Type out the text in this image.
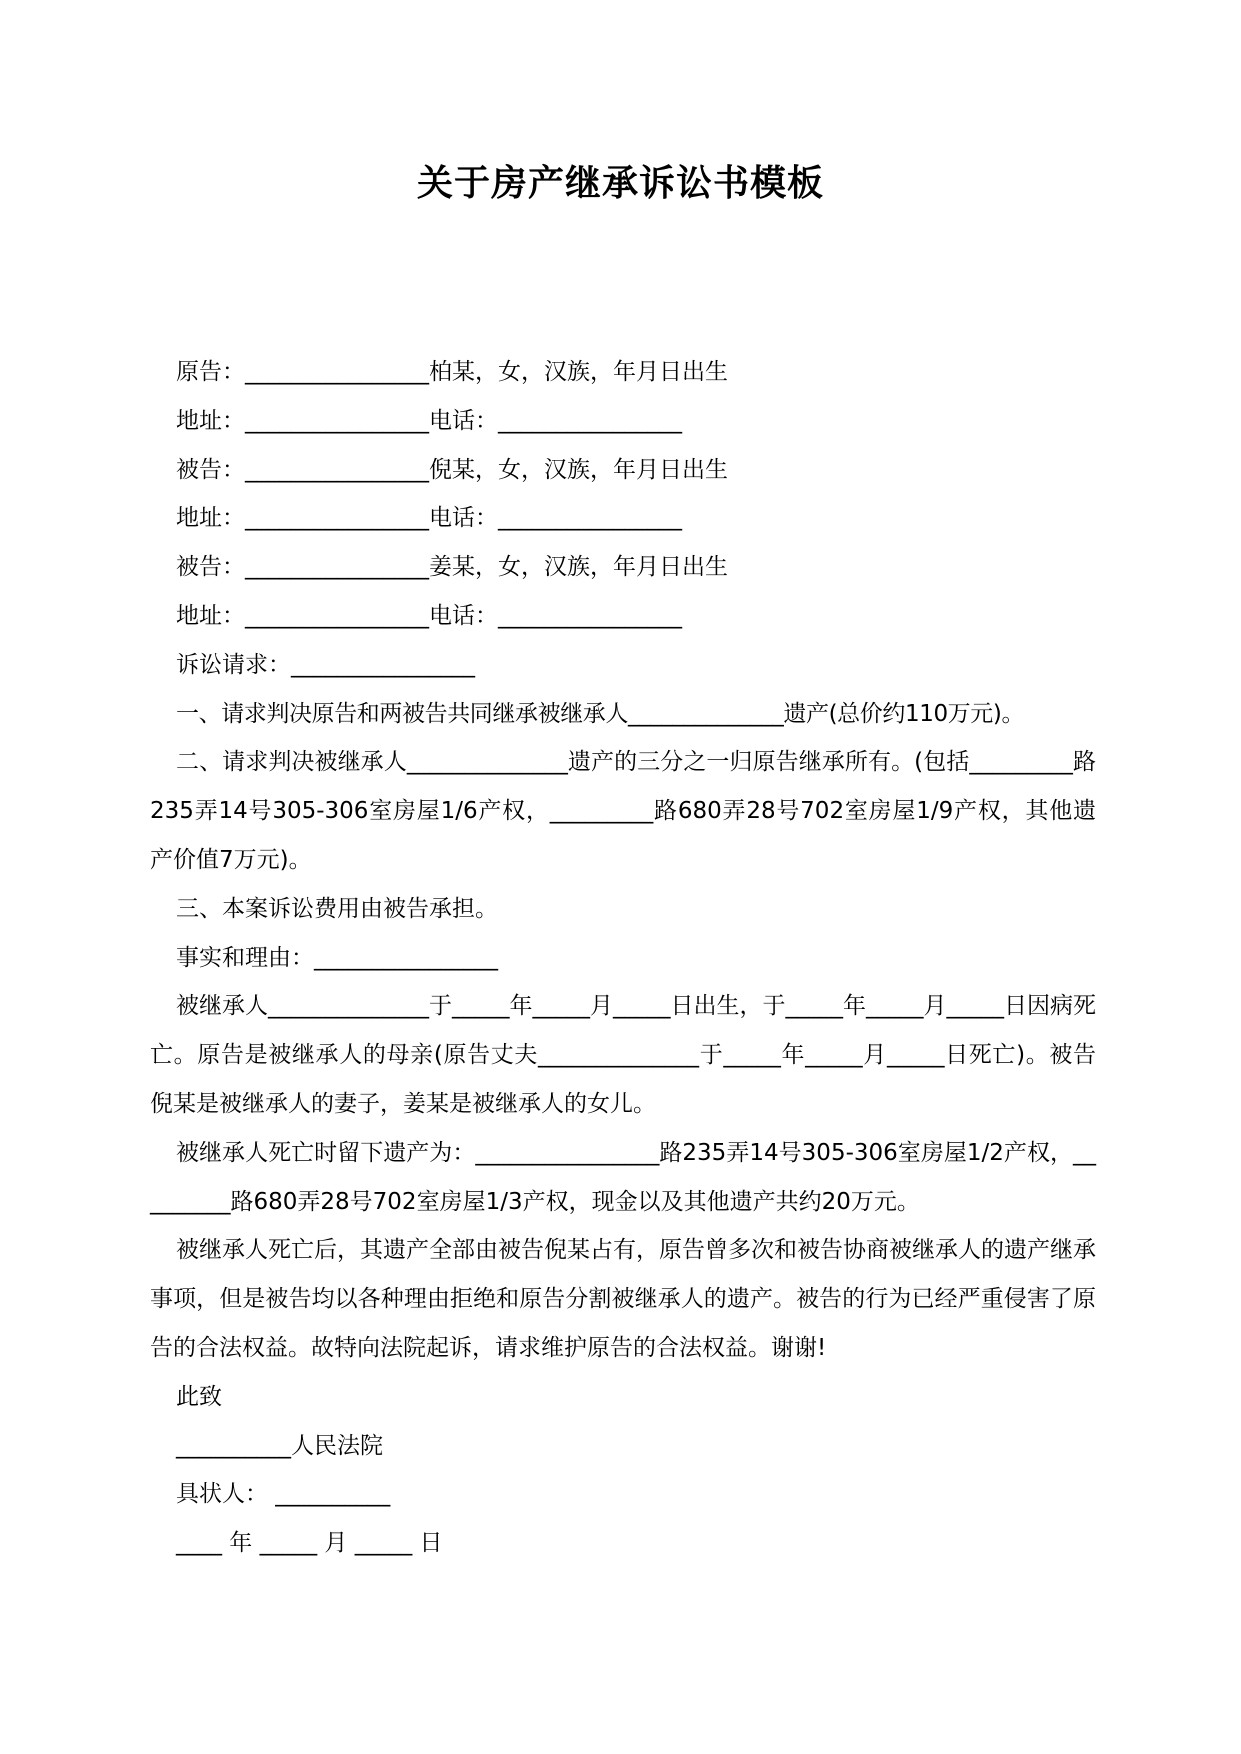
关于房产继承诉讼书模板
原告：________________柏某，女，汉族，年月日出生
地址：________________电话：________________
被告：________________倪某，女，汉族，年月日出生
地址：________________电话：________________
被告：________________姜某，女，汉族，年月日出生
地址：________________电话：________________
诉讼请求：________________
一、请求判决原告和两被告共同继承被继承人______________遗产(总价约110万元)。
二、请求判决被继承人______________遗产的三分之一归原告继承所有。(包括_________路235弄14号305-306室房屋1/6产权，_________路680弄28号702室房屋1/9产权，其他遗产价值7万元)。
三、本案诉讼费用由被告承担。
事实和理由：________________
被继承人______________于_____年_____月_____日出生，于_____年_____月_____日因病死亡。原告是被继承人的母亲(原告丈夫______________于_____年_____月_____日死亡)。被告倪某是被继承人的妻子，姜某是被继承人的女儿。
被继承人死亡时留下遗产为：________________路235弄14号305-306室房屋1/2产权，_________路680弄28号702室房屋1/3产权，现金以及其他遗产共约20万元。
被继承人死亡后，其遗产全部由被告倪某占有，原告曾多次和被告协商被继承人的遗产继承事项，但是被告均以各种理由拒绝和原告分割被继承人的遗产。被告的行为已经严重侵害了原告的合法权益。故特向法院起诉，请求维护原告的合法权益。谢谢!
此致
__________人民法院
具状人： __________
____ 年 _____ 月 _____ 日
